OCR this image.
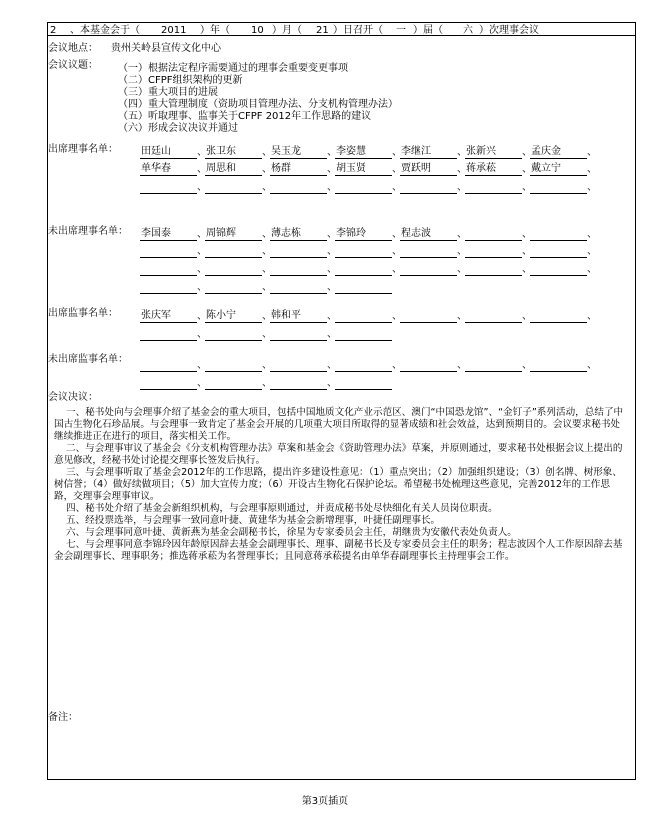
2 、本基金会于（ 2011 ）年（ 10 ）月（ 21 ）日召开（ 一 ）届（ 六 ）次理事会议
会议地点： 贵州关岭县宣传文化中心
会议议题： （一）根据法定程序需要通过的理事会重要变更事项
（二）CFPF组织架构的更新
（三）重大项目的进展
（四）重大管理制度（资助项目管理办法、分支机构管理办法）
（五）听取理事、监事关于CFPF 2012年工作思路的建议
（六）形成会议决议并通过
出席理事名单： 田廷山	、 张卫东	、 吴玉龙	、 李姿慧	、 李继江	、 张新兴	、 孟庆金	、
单华春	、 周思和	、 杨群	、 胡玉贤	、 贾跃明	、 蒋承菘	、 戴立宁	、
、	、	、	、	、	、	、
未出席理事名单： 李国泰	、 周锦辉	、 薄志栋	、 李锦玲	、 程志波	、	、	、
、	、	、	、	、	、	、
、	、	、	、	、	、	、
、	、	、
出席监事名单： 张庆军	、 陈小宁	、 韩和平	、	、	、	、	、
、	、	、
未出席监事名单：
、	、	、	、	、	、	、
、	、	、
会议决议：

一、秘书处向与会理事介绍了基金会的重大项目，包括中国地质文化产业示范区、澳门“中国恐龙馆”、“金钉子”系列活动，总结了中国古生物化石珍品展。与会理事一致肯定了基金会开展的几项重大项目所取得的显著成绩和社会效益，达到预期目的。会议要求秘书处继续推进正在进行的项目，落实相关工作。

二、与会理事审议了基金会《分支机构管理办法》草案和基金会《资助管理办法》草案，并原则通过，要求秘书处根据会议上提出的意见修改，经秘书处讨论提交理事长签发后执行。

三、与会理事听取了基金会2012年的工作思路，提出许多建设性意见：（1）重点突出；（2）加强组织建设；（3）创名牌、树形象、树信誉；（4）做好续做项目；（5）加大宣传力度；（6）开设古生物化石保护论坛。希望秘书处梳理这些意见，完善2012年的工作思路，交理事会理事审议。

四、秘书处介绍了基金会新组织机构，与会理事原则通过，并责成秘书处尽快细化有关人员岗位职责。

五、经投票选举，与会理事一致同意叶捷、黄建华为基金会新增理事，叶捷任副理事长。

六、与会理事同意叶捷、黄新燕为基金会副秘书长，徐星为专家委员会主任，胡继贵为安徽代表处负责人。

七、与会理事同意李锦玲因年龄原因辞去基金会副理事长、理事、副秘书长及专家委员会主任的职务；程志波因个人工作原因辞去基金会副理事长、理事职务；推选蒋承菘为名誉理事长；且同意蒋承菘提名由单华春副理事长主持理事会工作。

备注：
第3页插页
